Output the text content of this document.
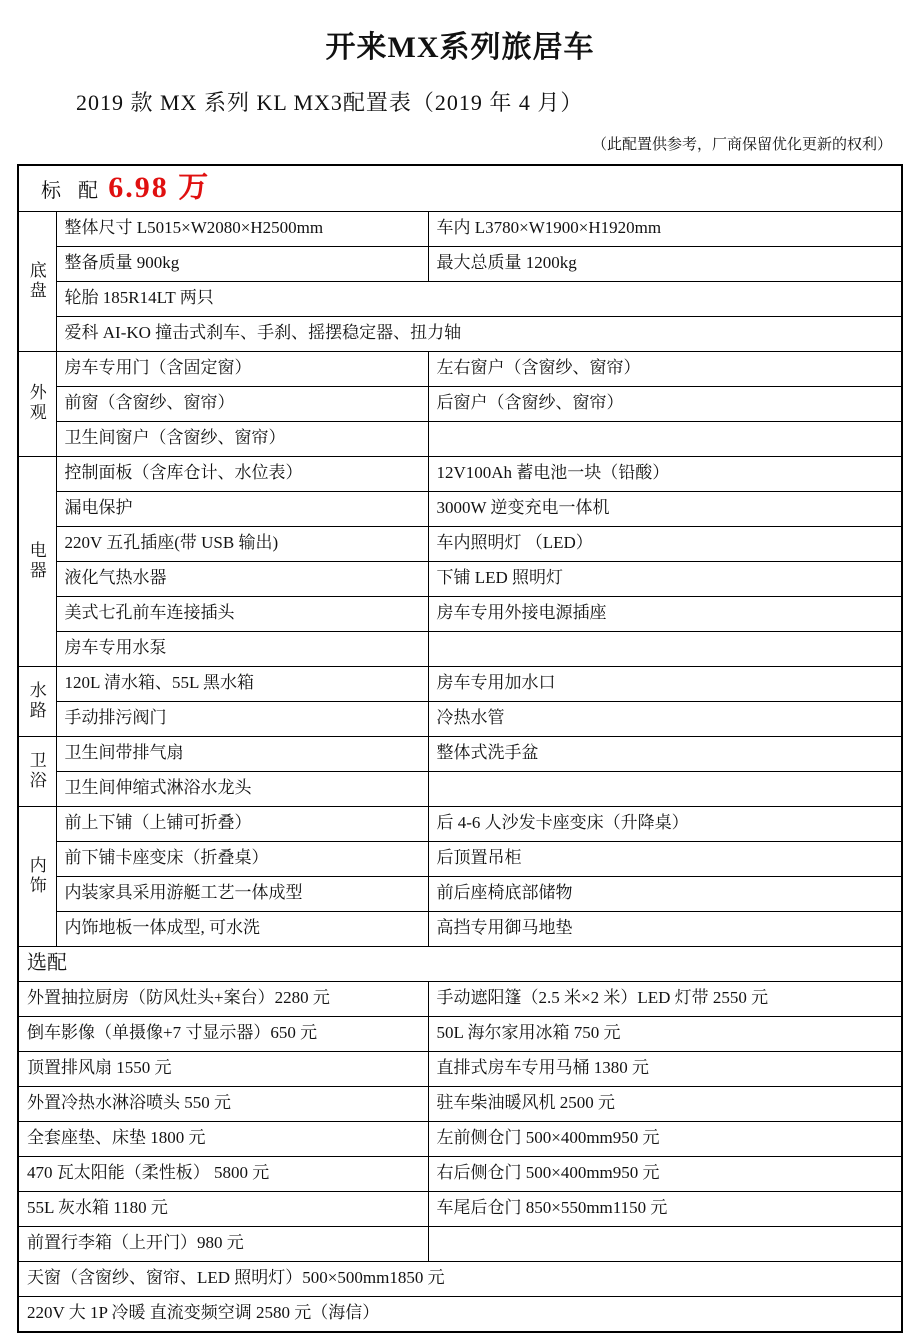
开来MX系列旅居车
2019 款 MX 系列 KL MX3配置表（2019 年 4 月）
（此配置供参考，厂商保留优化更新的权利）
标 配 6.98 万		

底盘	整体尺寸 L5015×W2080×H2500mm	车内 L3780×W1900×H1920mm
	整备质量 900kg	最大总质量 1200kg
	轮胎 185R14LT 两只	
	爱科 AI-KO 撞击式刹车、手刹、摇摆稳定器、扭力轴	

外观	房车专用门（含固定窗）	左右窗户（含窗纱、窗帘）
	前窗（含窗纱、窗帘）	后窗户（含窗纱、窗帘）
	卫生间窗户（含窗纱、窗帘）	

电器	控制面板（含库仓计、水位表）	12V100Ah 蓄电池一块（铅酸）
	漏电保护	3000W 逆变充电一体机
	220V 五孔插座(带 USB 输出)	车内照明灯 （LED）
	液化气热水器	下铺 LED 照明灯
	美式七孔前车连接插头	房车专用外接电源插座
	房车专用水泵	

水路	120L 清水箱、55L 黑水箱	房车专用加水口
	手动排污阀门	冷热水管

卫浴	卫生间带排气扇	整体式洗手盆
	卫生间伸缩式淋浴水龙头	

内饰	前上下铺（上铺可折叠）	后 4-6 人沙发卡座变床（升降桌）
	前下铺卡座变床（折叠桌）	后顶置吊柜
	内装家具采用游艇工艺一体成型	前后座椅底部储物
	内饰地板一体成型, 可水洗	高挡专用御马地垫
选配		
外置抽拉厨房（防风灶头+案台）2280 元		手动遮阳篷（2.5 米×2 米）LED 灯带 2550 元
倒车影像（单摄像+7 寸显示器）650 元		50L 海尔家用冰箱 750 元
顶置排风扇 1550 元		直排式房车专用马桶 1380 元
外置冷热水淋浴喷头 550 元		驻车柴油暖风机 2500 元
全套座垫、床垫 1800 元		左前侧仓门 500×400mm950 元
470 瓦太阳能（柔性板） 5800 元		右后侧仓门 500×400mm950 元
55L 灰水箱 1180 元		车尾后仓门 850×550mm1150 元
前置行李箱（上开门）980 元		
天窗（含窗纱、窗帘、LED 照明灯）500×500mm1850 元		
220V 大 1P 冷暖 直流变频空调 2580 元（海信）		
